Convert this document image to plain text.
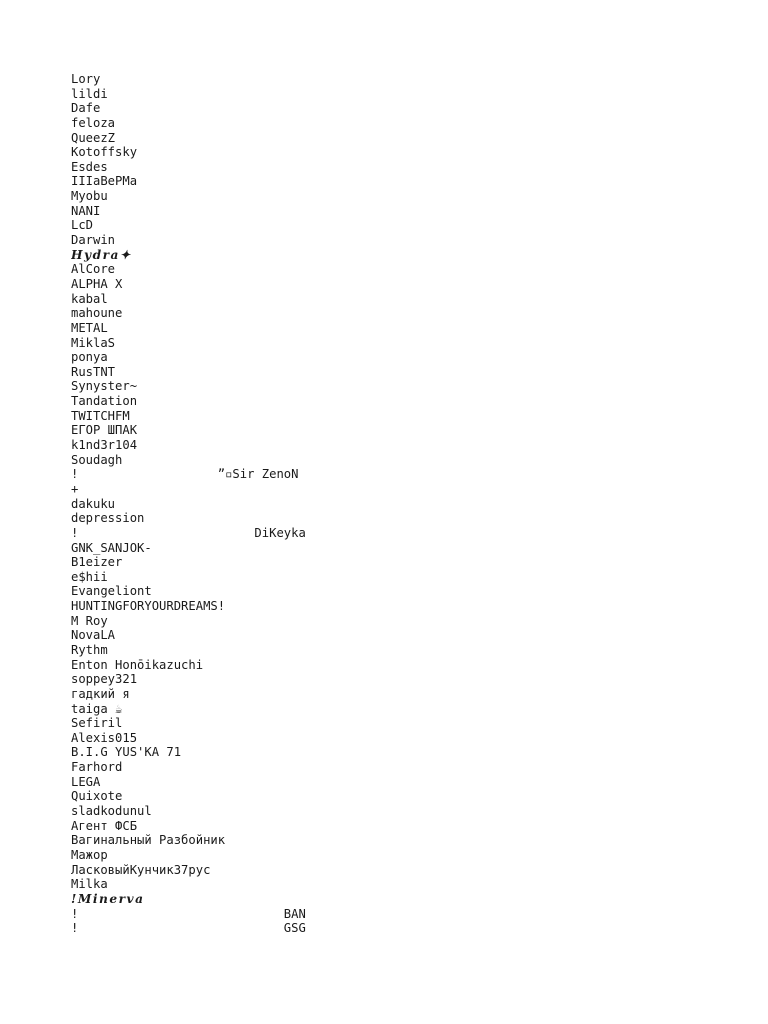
Lory
lildi
Dafe
feloza
QueezZ
Kotoffsky
Esdes
IIIaBePMa
Myobu
NANI
LcD
Darwin
𝑯𝒚𝒅𝒓𝒂✦
AlCore
ALPHA X
kabal
mahoune
METAL
MiklaS
ponya
RusTNT
Synyster~
Tandation
TWITCHFM
ЕГОР ШПАК
k1nd3r104
Soudagh
!                   ˮ▫Sir ZenoN
+
dakuku
depression
!                        DiKeyka
GNK_SANJOK-
B1eizer
e$hii
Evangeliont
HUNTINGFORYOURDREAMS!
M Roy
NovaLA
Rythm
Enton Honōikazuchi
soppey321
гадкий я
taiga ☕
Sefiril
Alexis015
B.I.G YUS'KA 71
Farhord
LEGA
Quixote
sladkodunul
Агент ФСБ
Вагинальный Разбойник
Мажор
ЛасковыйКунчик37рус
Milka
!𝑴𝒊𝒏𝒆𝒓𝒗𝒂
!                            BAN
!                            GSG
